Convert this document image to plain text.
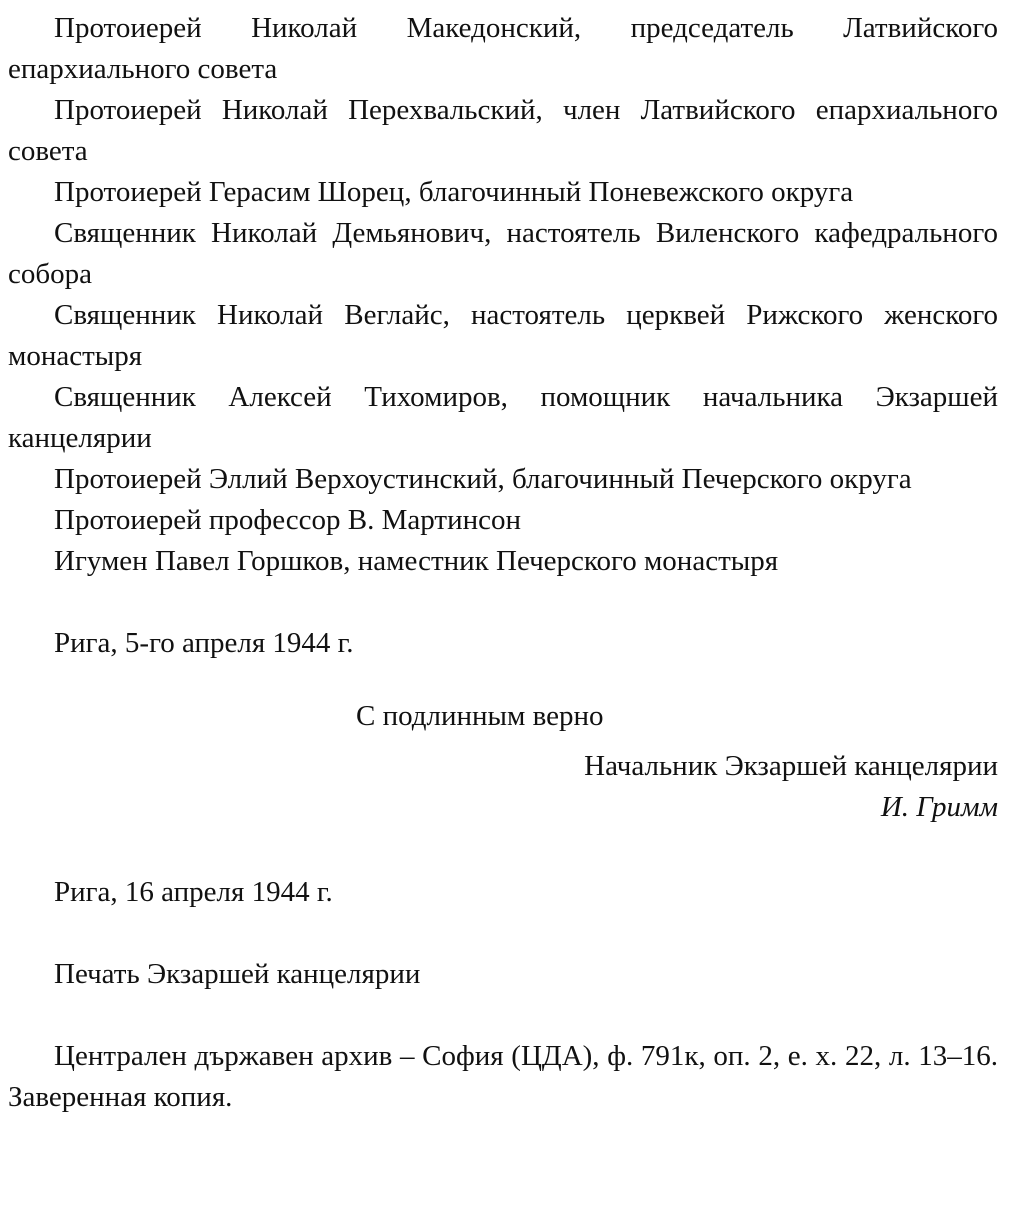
Протоиерей Николай Македонский, председатель Латвийского епархиального совета

Протоиерей Николай Перехвальский, член Латвийского епархиального совета

Протоиерей Герасим Шорец, благочинный Поневежского округа

Священник Николай Демьянович, настоятель Виленского кафедрального собора

Священник Николай Веглайс, настоятель церквей Рижского женского монастыря

Священник Алексей Тихомиров, помощник начальника Экзаршей канцелярии

Протоиерей Эллий Верхоустинский, благочинный Печерского округа

Протоиерей профессор В. Мартинсон

Игумен Павел Горшков, наместник Печерского монастыря

Рига, 5-го апреля 1944 г.

С подлинным верно

Начальник Экзаршей канцелярии

И. Гримм

Рига, 16 апреля 1944 г.

Печать Экзаршей канцелярии

Централен държавен архив – София (ЦДА), ф. 791к, оп. 2, е. х. 22, л. 13–16. Заверенная копия.
